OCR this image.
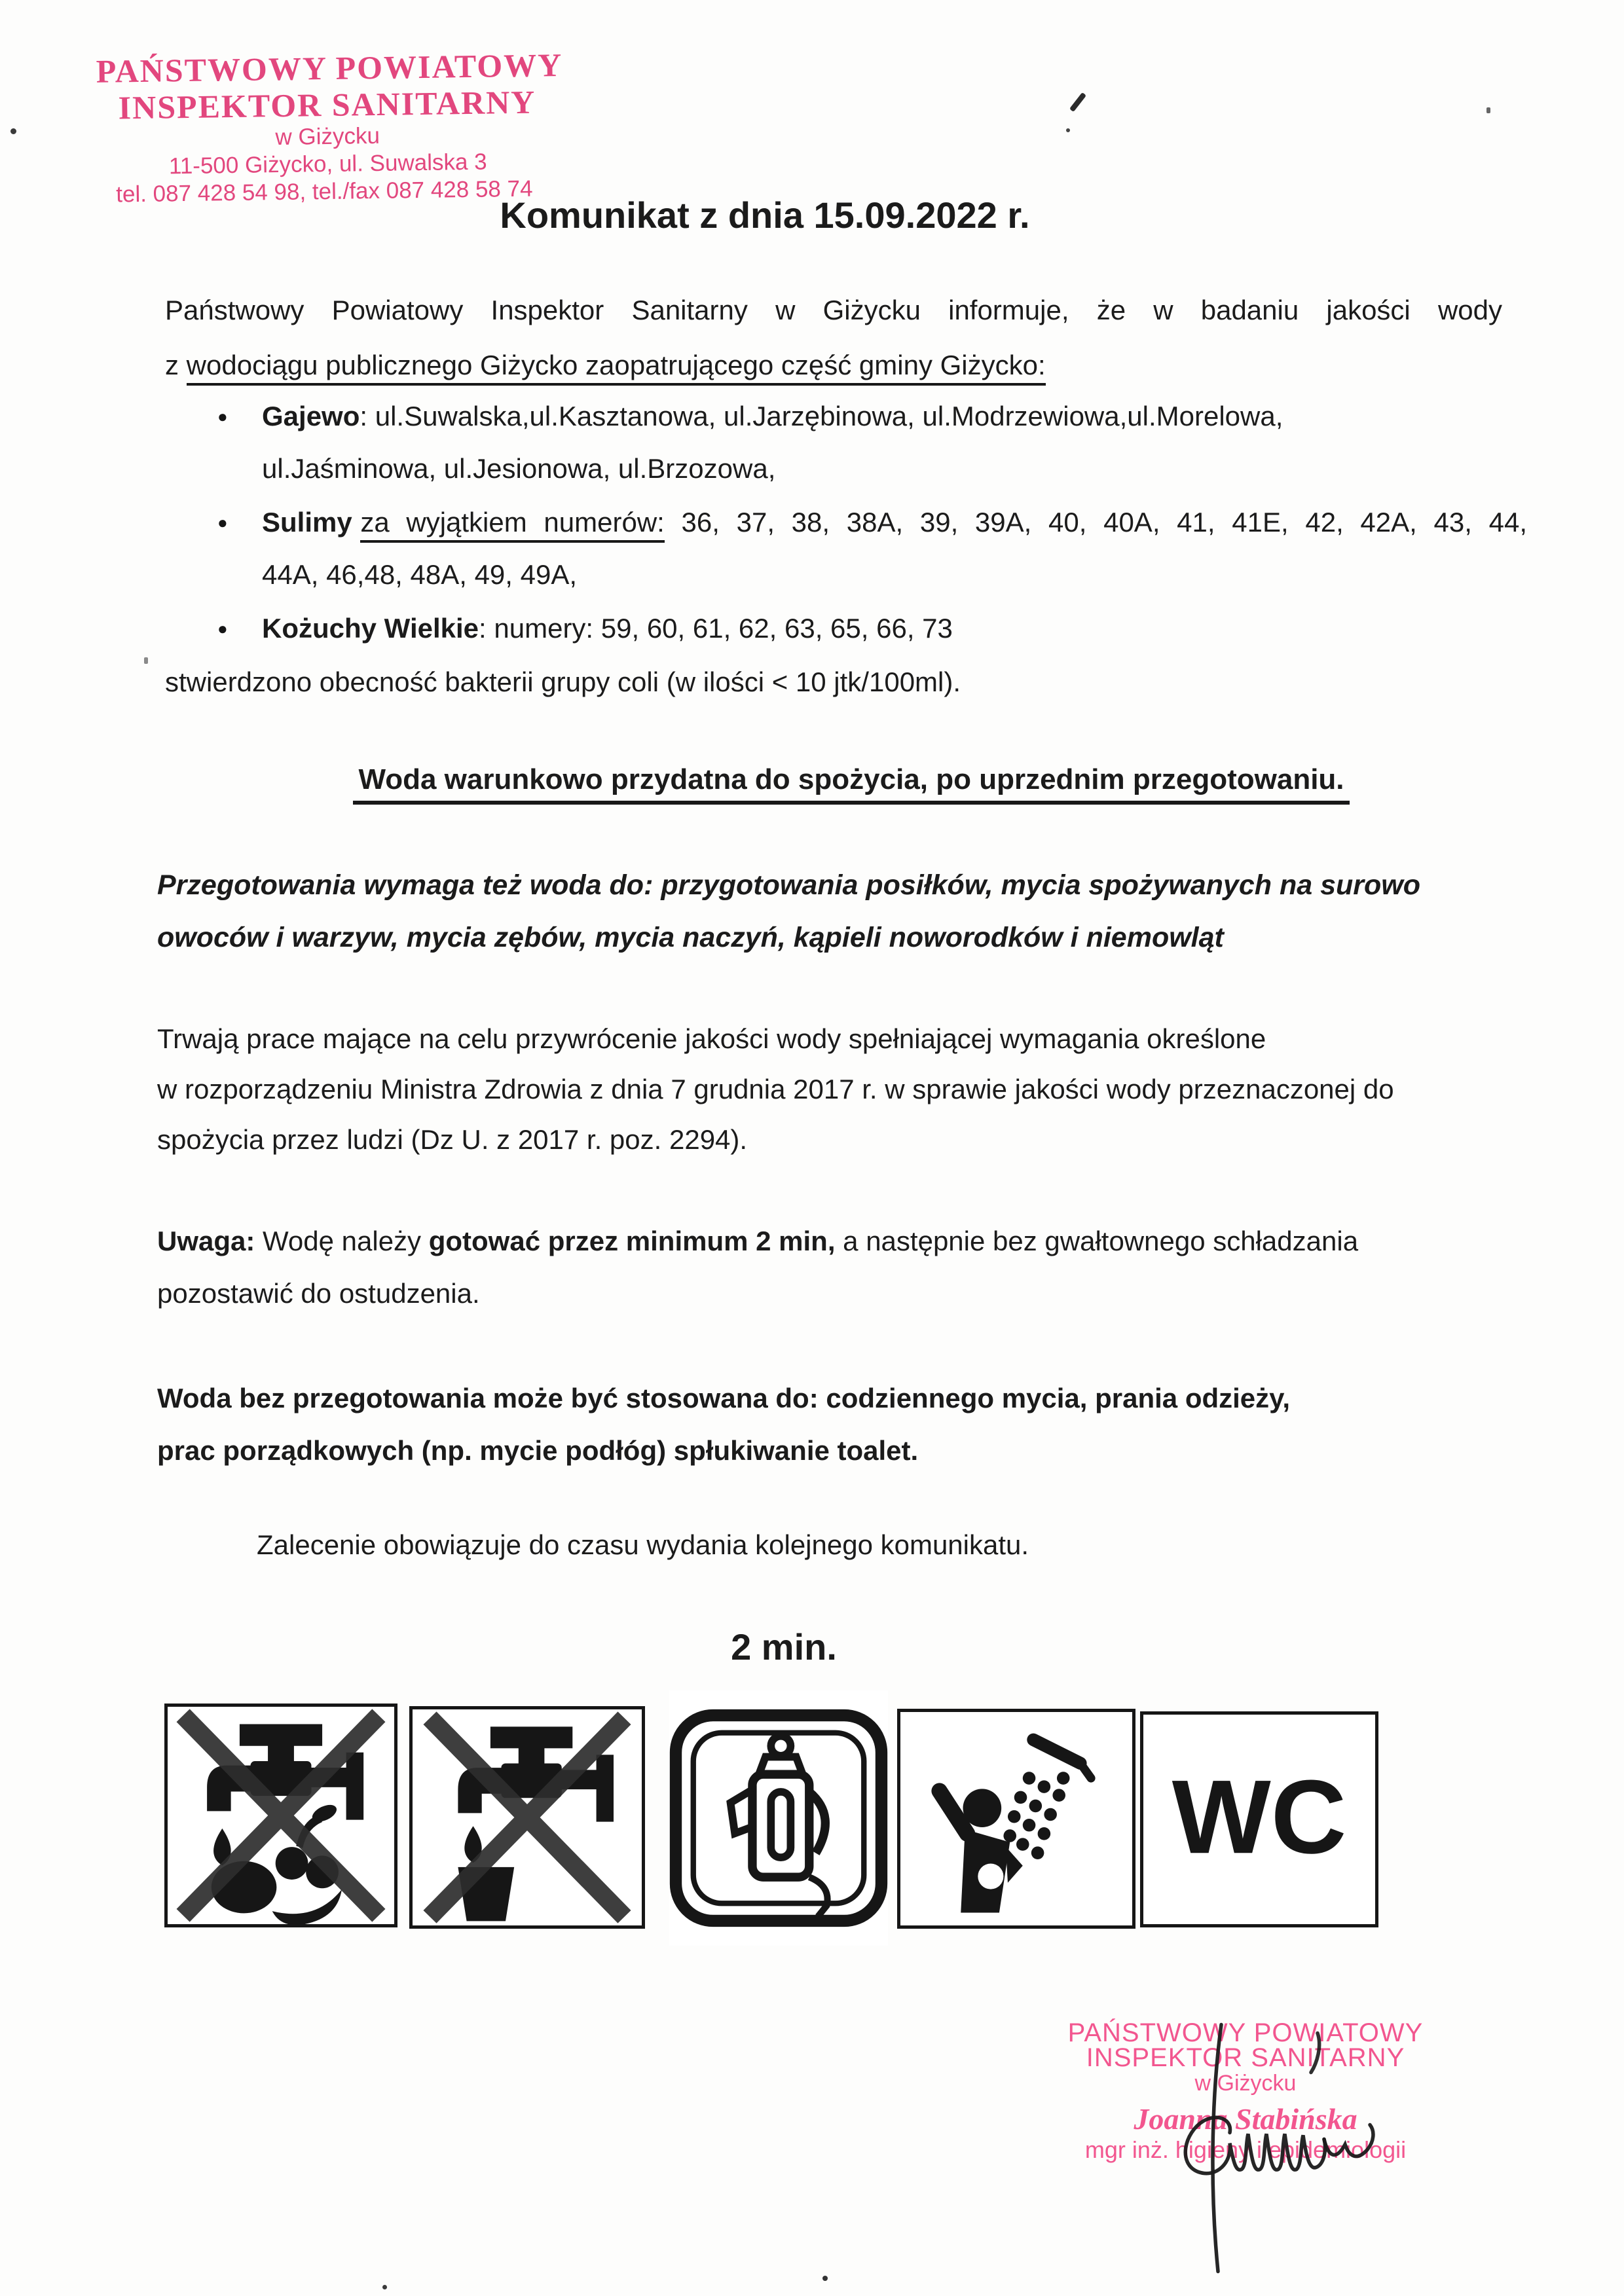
PAŃSTWOWY POWIATOWY
INSPEKTOR SANITARNY
w Giżycku
11-500 Giżycko, ul. Suwalska 3
tel. 087 428 54 98, tel./fax 087 428 58 74
Komunikat z dnia 15.09.2022 r.
Państwowy Powiatowy Inspektor Sanitarny w Giżycku informuje, że w badaniu jakości wody
z wodociągu publicznego Giżycko zaopatrującego część gminy Giżycko:
● Gajewo: ul.Suwalska,ul.Kasztanowa, ul.Jarzębinowa, ul.Modrzewiowa,ul.Morelowa,
ul.Jaśminowa, ul.Jesionowa, ul.Brzozowa,
● Sulimy za wyjątkiem numerów: 36, 37, 38, 38A, 39, 39A, 40, 40A, 41, 41E, 42, 42A, 43, 44,
44A, 46,48, 48A, 49, 49A,
● Kożuchy Wielkie: numery: 59, 60, 61, 62, 63, 65, 66, 73
stwierdzono obecność bakterii grupy coli (w ilości < 10 jtk/100ml).
Woda warunkowo przydatna do spożycia, po uprzednim przegotowaniu.
Przegotowania wymaga też woda do: przygotowania posiłków, mycia spożywanych na surowo
owoców i warzyw, mycia zębów, mycia naczyń, kąpieli noworodków i niemowląt
Trwają prace mające na celu przywrócenie jakości wody spełniającej wymagania określone
w rozporządzeniu Ministra Zdrowia z dnia 7 grudnia 2017 r. w sprawie jakości wody przeznaczonej do
spożycia przez ludzi (Dz U. z 2017 r. poz. 2294).
Uwaga: Wodę należy gotować przez minimum 2 min, a następnie bez gwałtownego schładzania
pozostawić do ostudzenia.
Woda bez przegotowania może być stosowana do: codziennego mycia, prania odzieży,
prac porządkowych (np. mycie podłóg) spłukiwanie toalet.
Zalecenie obowiązuje do czasu wydania kolejnego komunikatu.
2 min.
WC
PAŃSTWOWY POWIATOWY
INSPEKTOR SANITARNY
w Giżycku
Joanna Stabińska
mgr inż. higieny i epidemiologii
